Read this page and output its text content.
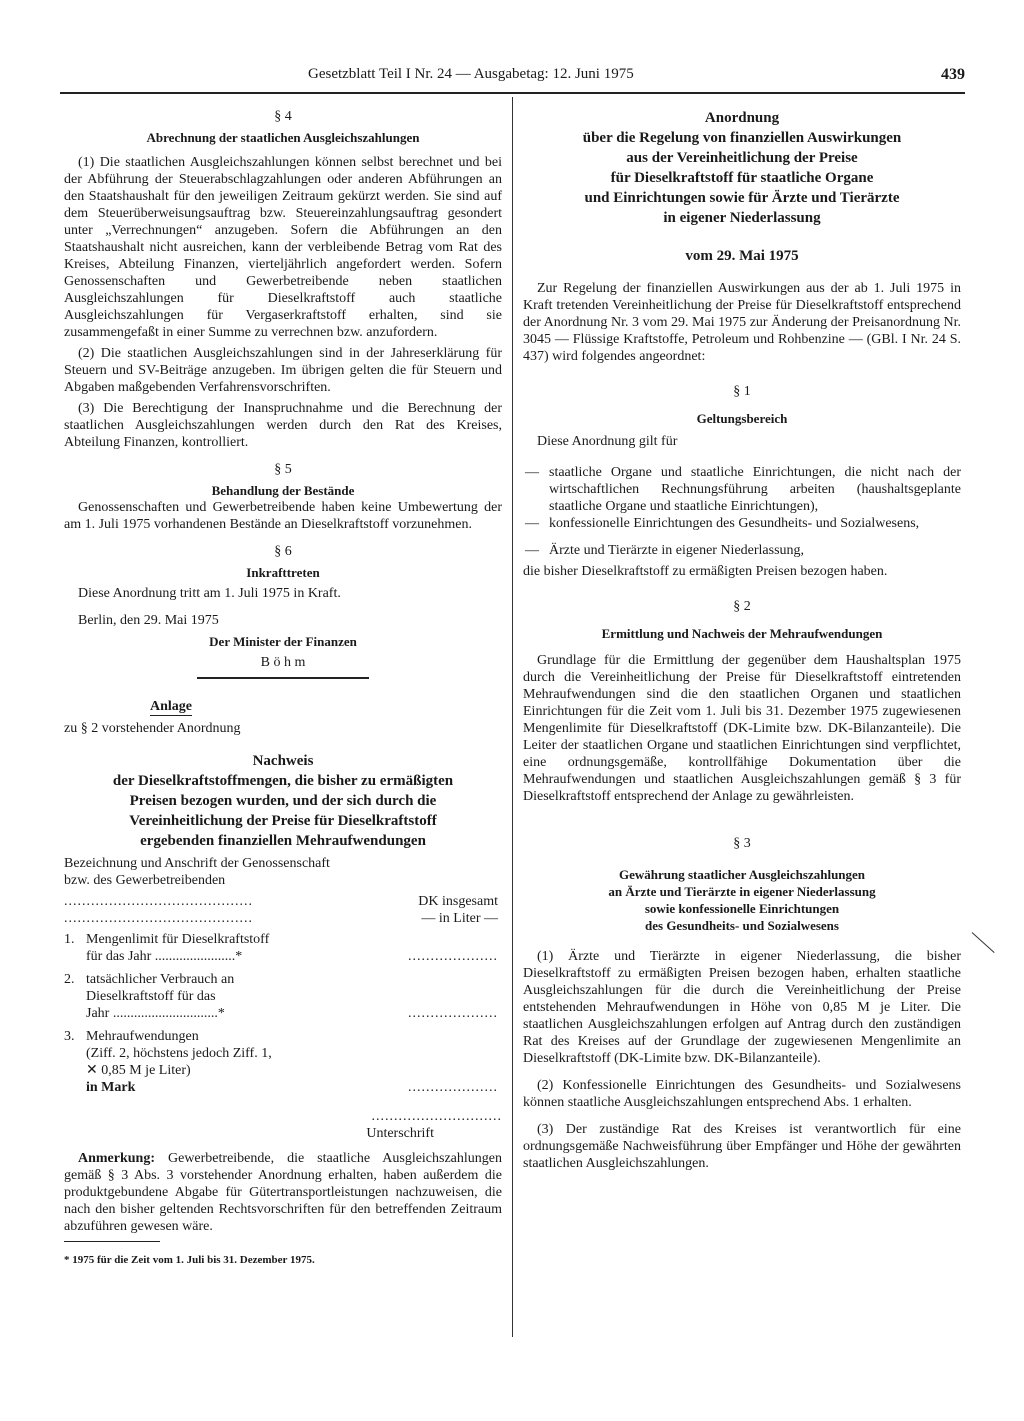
Gesetzblatt Teil I Nr. 24 — Ausgabetag: 12. Juni 1975	439

§ 4

Abrechnung der staatlichen Ausgleichszahlungen

(1) Die staatlichen Ausgleichszahlungen können selbst berechnet und bei der Abführung der Steuerabschlagzahlungen oder anderen Abführungen an den Staatshaushalt für den jeweiligen Zeitraum gekürzt werden. Sie sind auf dem Steuerüberweisungsauftrag bzw. Steuereinzahlungsauftrag gesondert unter „Verrechnungen“ anzugeben. Sofern die Abführungen an den Staatshaushalt nicht ausreichen, kann der verbleibende Betrag vom Rat des Kreises, Abteilung Finanzen, vierteljährlich angefordert werden. Sofern Genossenschaften und Gewerbetreibende neben staatlichen Ausgleichszahlungen für Dieselkraftstoff auch staatliche Ausgleichszahlungen für Vergaserkraftstoff erhalten, sind sie zusammengefaßt in einer Summe zu verrechnen bzw. anzufordern.

(2) Die staatlichen Ausgleichszahlungen sind in der Jahreserklärung für Steuern und SV-Beiträge anzugeben. Im übrigen gelten die für Steuern und Abgaben maßgebenden Verfahrensvorschriften.

(3) Die Berechtigung der Inanspruchnahme und die Berechnung der staatlichen Ausgleichszahlungen werden durch den Rat des Kreises, Abteilung Finanzen, kontrolliert.

§ 5

Behandlung der Bestände

Genossenschaften und Gewerbetreibende haben keine Umbewertung der am 1. Juli 1975 vorhandenen Bestände an Dieselkraftstoff vorzunehmen.

§ 6

Inkrafttreten

Diese Anordnung tritt am 1. Juli 1975 in Kraft.

Berlin, den 29. Mai 1975

Der Minister der Finanzen

B ö h m

Anlage

zu § 2 vorstehender Anordnung

Nachweis

der Dieselkraftstoffmengen, die bisher zu ermäßigten

Preisen bezogen wurden, und der sich durch die

Vereinheitlichung der Preise für Dieselkraftstoff

ergebenden finanziellen Mehraufwendungen

Bezeichnung und Anschrift der Genossenschaft

bzw. des Gewerbetreibenden

..........................................	DK insgesamt
— in Liter —
..........................................
1. Mengenlimit für Dieselkraftstoff
für das Jahr .......................*	....................
2. tatsächlicher Verbrauch an
Dieselkraftstoff für das
Jahr ..............................*	....................
3. Mehraufwendungen
(Ziff. 2, höchstens jedoch Ziff. 1,
✕ 0,85 M je Liter)
in Mark	....................
.............................
Unterschrift

Anmerkung: Gewerbetreibende, die staatliche Ausgleichszahlungen gemäß § 3 Abs. 3 vorstehender Anordnung erhalten, haben außerdem die produktgebundene Abgabe für Gütertransportleistungen nachzuweisen, die nach den bisher geltenden Rechtsvorschriften für den betreffenden Zeitraum abzuführen gewesen wäre.

* 1975 für die Zeit vom 1. Juli bis 31. Dezember 1975.

Anordnung

über die Regelung von finanziellen Auswirkungen

aus der Vereinheitlichung der Preise

für Dieselkraftstoff für staatliche Organe

und Einrichtungen sowie für Ärzte und Tierärzte

in eigener Niederlassung

vom 29. Mai 1975

Zur Regelung der finanziellen Auswirkungen aus der ab 1. Juli 1975 in Kraft tretenden Vereinheitlichung der Preise für Dieselkraftstoff entsprechend der Anordnung Nr. 3 vom 29. Mai 1975 zur Änderung der Preisanordnung Nr. 3045 — Flüssige Kraftstoffe, Petroleum und Rohbenzine — (GBl. I Nr. 24 S. 437) wird folgendes angeordnet:

§ 1

Geltungsbereich

Diese Anordnung gilt für

— staatliche Organe und staatliche Einrichtungen, die nicht nach der wirtschaftlichen Rechnungsführung arbeiten (haushaltsgeplante staatliche Organe und staatliche Einrichtungen),
— konfessionelle Einrichtungen des Gesundheits- und Sozialwesens,
— Ärzte und Tierärzte in eigener Niederlassung,

die bisher Dieselkraftstoff zu ermäßigten Preisen bezogen haben.

§ 2

Ermittlung und Nachweis der Mehraufwendungen

Grundlage für die Ermittlung der gegenüber dem Haushaltsplan 1975 durch die Vereinheitlichung der Preise für Dieselkraftstoff eintretenden Mehraufwendungen sind die den staatlichen Organen und staatlichen Einrichtungen für die Zeit vom 1. Juli bis 31. Dezember 1975 zugewiesenen Mengenlimite für Dieselkraftstoff (DK-Limite bzw. DK-Bilanzanteile). Die Leiter der staatlichen Organe und staatlichen Einrichtungen sind verpflichtet, eine ordnungsgemäße, kontrollfähige Dokumentation über die Mehraufwendungen und staatlichen Ausgleichszahlungen gemäß § 3 für Dieselkraftstoff entsprechend der Anlage zu gewährleisten.

§ 3

Gewährung staatlicher Ausgleichszahlungen

an Ärzte und Tierärzte in eigener Niederlassung

sowie konfessionelle Einrichtungen

des Gesundheits- und Sozialwesens

(1) Ärzte und Tierärzte in eigener Niederlassung, die bisher Dieselkraftstoff zu ermäßigten Preisen bezogen haben, erhalten staatliche Ausgleichszahlungen für die durch die Vereinheitlichung der Preise entstehenden Mehraufwendungen in Höhe von 0,85 M je Liter. Die staatlichen Ausgleichszahlungen erfolgen auf Antrag durch den zuständigen Rat des Kreises auf der Grundlage der zugewiesenen Mengenlimite an Dieselkraftstoff (DK-Limite bzw. DK-Bilanzanteile).

(2) Konfessionelle Einrichtungen des Gesundheits- und Sozialwesens können staatliche Ausgleichszahlungen entsprechend Abs. 1 erhalten.

(3) Der zuständige Rat des Kreises ist verantwortlich für eine ordnungsgemäße Nachweisführung über Empfänger und Höhe der gewährten staatlichen Ausgleichszahlungen.
